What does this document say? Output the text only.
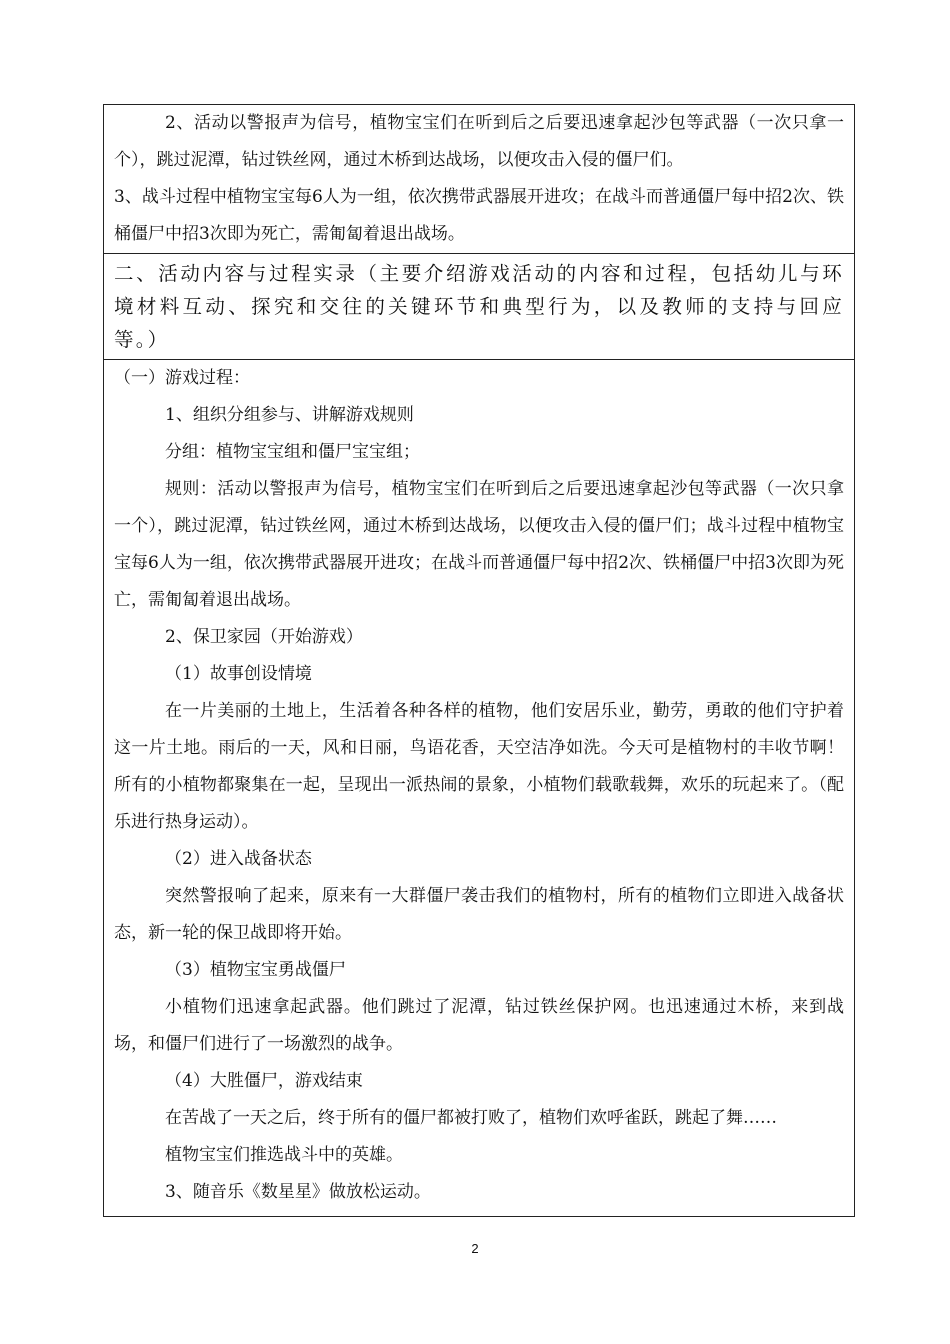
2、活动以警报声为信号，植物宝宝们在听到后之后要迅速拿起沙包等武器（一次只拿一个），跳过泥潭，钻过铁丝网，通过木桥到达战场，以便攻击入侵的僵尸们。

3、战斗过程中植物宝宝每6人为一组，依次携带武器展开进攻；在战斗而普通僵尸每中招2次、铁桶僵尸中招3次即为死亡，需匍匐着退出战场。

二、活动内容与过程实录（主要介绍游戏活动的内容和过程，包括幼儿与环境材料互动、探究和交往的关键环节和典型行为，以及教师的支持与回应等。）

（一）游戏过程：

1、组织分组参与、讲解游戏规则

分组：植物宝宝组和僵尸宝宝组；

规则：活动以警报声为信号，植物宝宝们在听到后之后要迅速拿起沙包等武器（一次只拿一个），跳过泥潭，钻过铁丝网，通过木桥到达战场，以便攻击入侵的僵尸们；战斗过程中植物宝宝每6人为一组，依次携带武器展开进攻；在战斗而普通僵尸每中招2次、铁桶僵尸中招3次即为死亡，需匍匐着退出战场。

2、保卫家园（开始游戏）

（1）故事创设情境

在一片美丽的土地上，生活着各种各样的植物，他们安居乐业，勤劳，勇敢的他们守护着这一片土地。雨后的一天，风和日丽，鸟语花香，天空洁净如洗。今天可是植物村的丰收节啊！所有的小植物都聚集在一起，呈现出一派热闹的景象，小植物们载歌载舞，欢乐的玩起来了。（配乐进行热身运动）。

（2）进入战备状态

突然警报响了起来，原来有一大群僵尸袭击我们的植物村，所有的植物们立即进入战备状态，新一轮的保卫战即将开始。

（3）植物宝宝勇战僵尸

小植物们迅速拿起武器。他们跳过了泥潭，钻过铁丝保护网。也迅速通过木桥，来到战场，和僵尸们进行了一场激烈的战争。

（4）大胜僵尸，游戏结束

在苦战了一天之后，终于所有的僵尸都被打败了，植物们欢呼雀跃，跳起了舞……

植物宝宝们推选战斗中的英雄。

3、随音乐《数星星》做放松运动。

2
